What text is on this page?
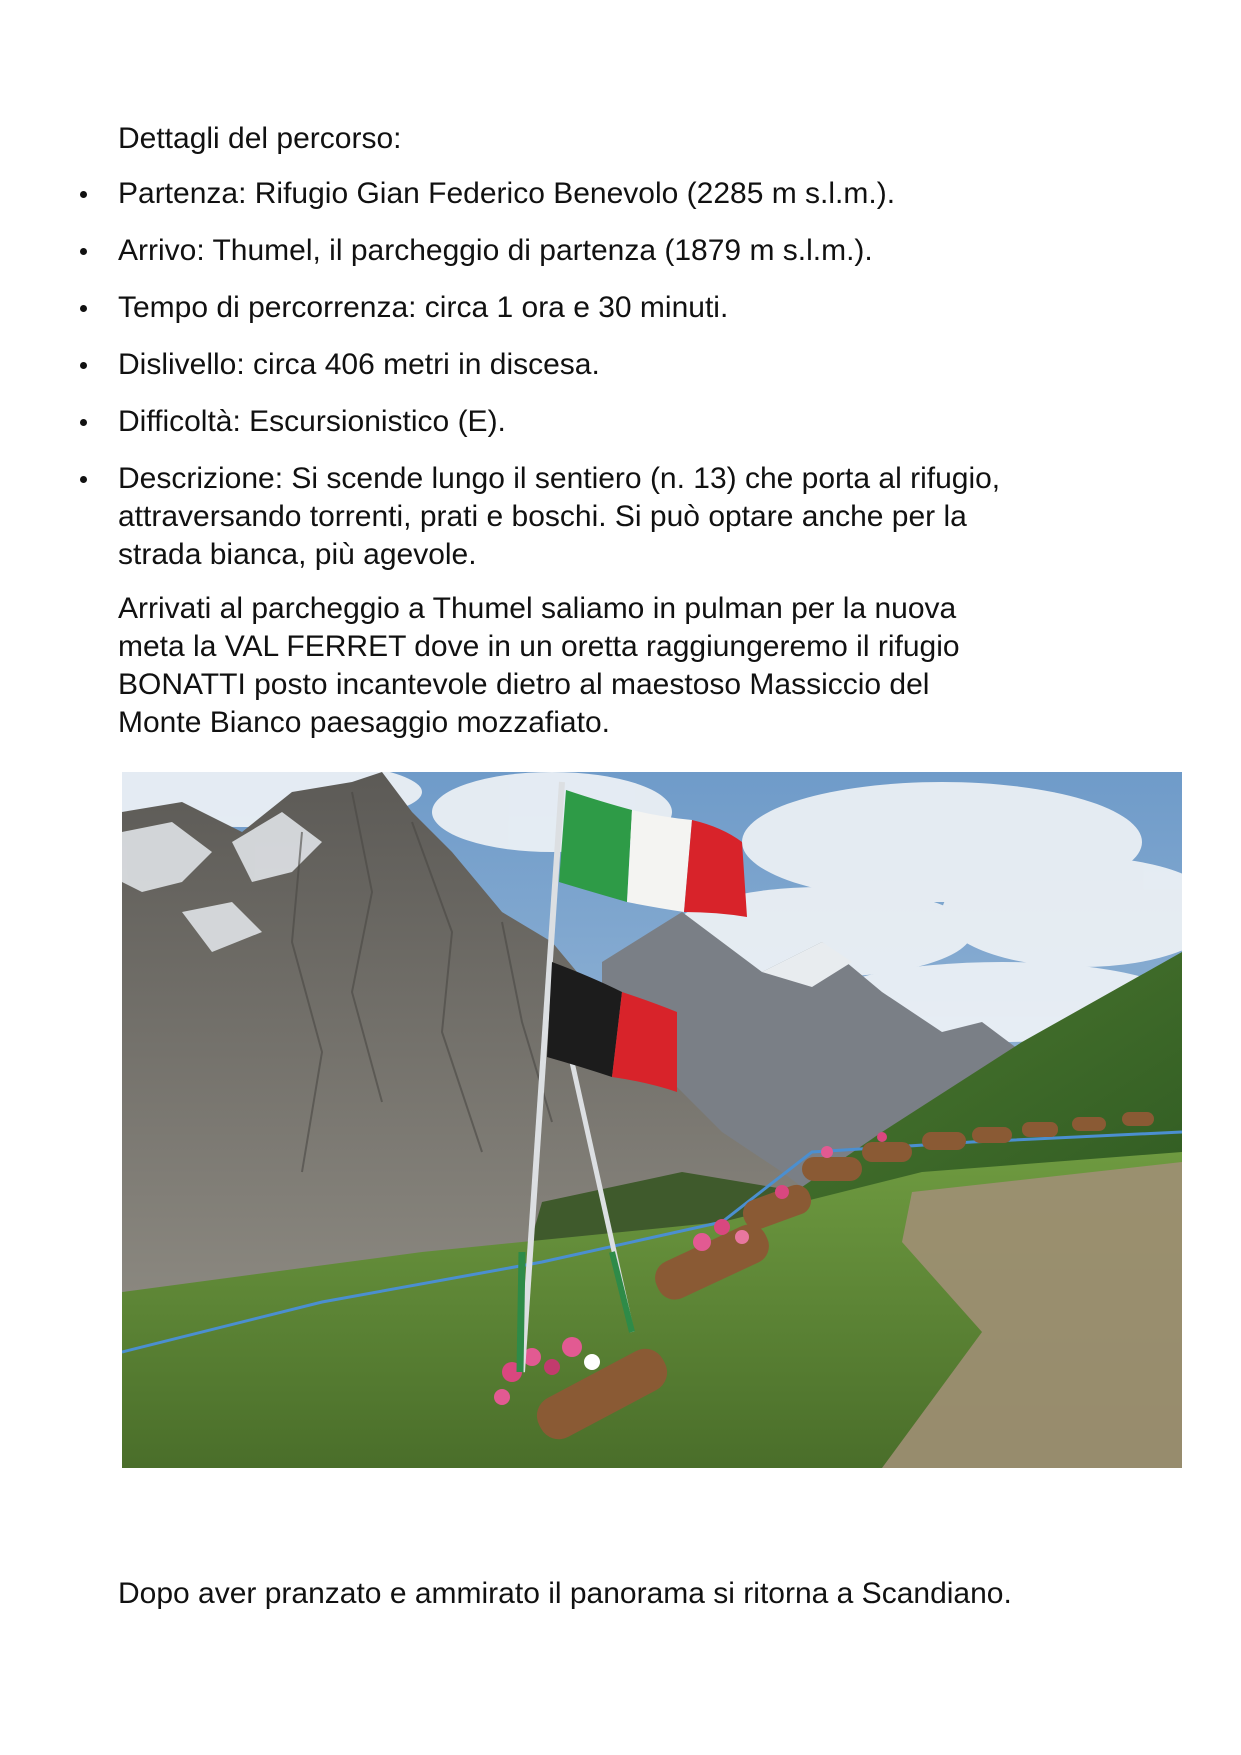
Dettagli del percorso:
Partenza: Rifugio Gian Federico Benevolo (2285 m s.l.m.).
Arrivo: Thumel, il parcheggio di partenza (1879 m s.l.m.).
Tempo di percorrenza: circa 1 ora e 30 minuti.
Dislivello: circa 406 metri in discesa.
Difficoltà: Escursionistico (E).
Descrizione: Si scende lungo il sentiero (n. 13) che porta al rifugio,
attraversando torrenti, prati e boschi. Si può optare anche per la
strada bianca, più agevole.
Arrivati al parcheggio a Thumel saliamo in pulman per la nuova
meta la VAL FERRET dove in un oretta raggiungeremo il rifugio
BONATTI posto incantevole dietro al maestoso Massiccio del
Monte Bianco paesaggio mozzafiato.
Dopo aver pranzato e ammirato il panorama si ritorna a Scandiano.
